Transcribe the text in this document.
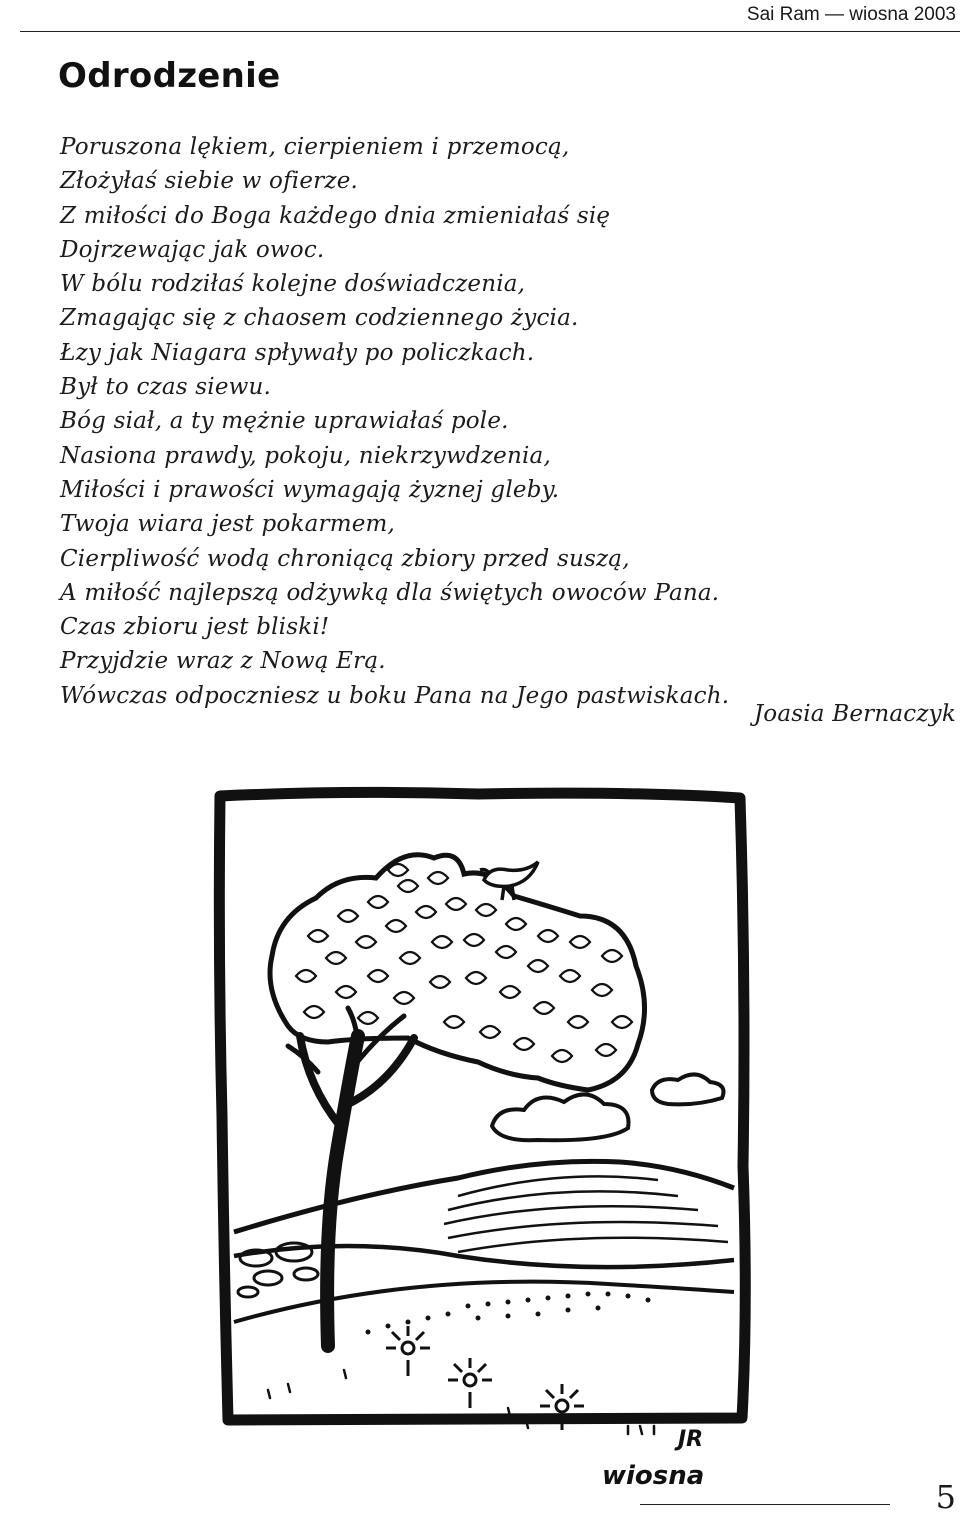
Sai Ram — wiosna 2003
Odrodzenie
Poruszona lękiem, cierpieniem i przemocą,
Złożyłaś siebie w ofierze.
Z miłości do Boga każdego dnia zmieniałaś się
Dojrzewając jak owoc.
W bólu rodziłaś kolejne doświadczenia,
Zmagając się z chaosem codziennego życia.
Łzy jak Niagara spływały po policzkach.
Był to czas siewu.
Bóg siał, a ty mężnie uprawiałaś pole.
Nasiona prawdy, pokoju, niekrzywdzenia,
Miłości i prawości wymagają żyznej gleby.
Twoja wiara jest pokarmem,
Cierpliwość wodą chroniącą zbiory przed suszą,
A miłość najlepszą odżywką dla świętych owoców Pana.
Czas zbioru jest bliski!
Przyjdzie wraz z Nową Erą.
Wówczas odpoczniesz u boku Pana na Jego pastwiskach.
Joasia Bernaczyk
JR
wiosna
5
